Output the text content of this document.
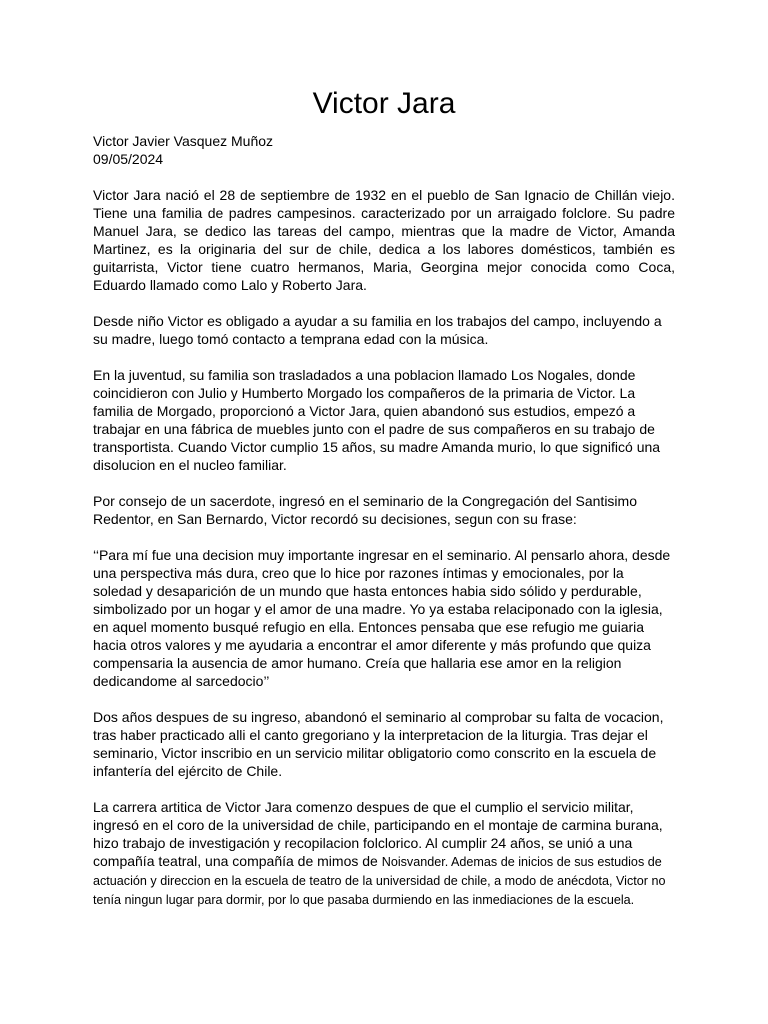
Victor Jara
Victor Javier Vasquez Muñoz
09/05/2024

Victor Jara nació el 28 de septiembre de 1932 en el pueblo de San Ignacio de Chillán viejo. Tiene una familia de padres campesinos. caracterizado por un arraigado folclore. Su padre Manuel Jara, se dedico las tareas del campo, mientras que la madre de Victor, Amanda Martinez, es la originaria del sur de chile, dedica a los labores domésticos, también es guitarrista, Victor tiene cuatro hermanos, Maria, Georgina mejor conocida como Coca, Eduardo llamado como Lalo y Roberto Jara.

Desde niño Victor es obligado a ayudar a su familia en los trabajos del campo, incluyendo a su madre, luego tomó contacto a temprana edad con la música.

En la juventud, su familia son trasladados a una poblacion llamado Los Nogales, donde coincidieron con Julio y Humberto Morgado los compañeros de la primaria de Victor. La familia de Morgado, proporcionó a Victor Jara, quien abandonó sus estudios, empezó a trabajar en una fábrica de muebles junto con el padre de sus compañeros en su trabajo de transportista. Cuando Victor cumplio 15 años, su madre Amanda murio, lo que significó una disolucion en el nucleo familiar.

Por consejo de un sacerdote, ingresó en el seminario de la Congregación del Santisimo Redentor, en San Bernardo, Victor recordó su decisiones, segun con su frase:

‘‘Para mí fue una decision muy importante ingresar en el seminario. Al pensarlo ahora, desde una perspectiva más dura, creo que lo hice por razones íntimas y emocionales, por la soledad y desaparición de un mundo que hasta entonces habia sido sólido y perdurable, simbolizado por un hogar y el amor de una madre. Yo ya estaba relaciponado con la iglesia, en aquel momento busqué refugio en ella. Entonces pensaba que ese refugio me guiaria hacia otros valores y me ayudaria a encontrar el amor diferente y más profundo que quiza compensaria la ausencia de amor humano. Creía que hallaria ese amor en la religion dedicandome al sarcedocio’’

Dos años despues de su ingreso, abandonó el seminario al comprobar su falta de vocacion, tras haber practicado alli el canto gregoriano y la interpretacion de la liturgia. Tras dejar el seminario, Victor inscribio en un servicio militar obligatorio como conscrito en la escuela de infantería del ejército de Chile.

La carrera artitica de Victor Jara comenzo despues de que el cumplio el servicio militar, ingresó en el coro de la universidad de chile, participando en el montaje de carmina burana, hizo trabajo de investigación y recopilacion folclorico. Al cumplir 24 años, se unió a una compañía teatral, una compañía de mimos de Noisvander. Ademas de inicios de sus estudios de actuación y direccion en la escuela de teatro de la universidad de chile, a modo de anécdota, Victor no tenía ningun lugar para dormir, por lo que pasaba durmiendo en las inmediaciones de la escuela.
